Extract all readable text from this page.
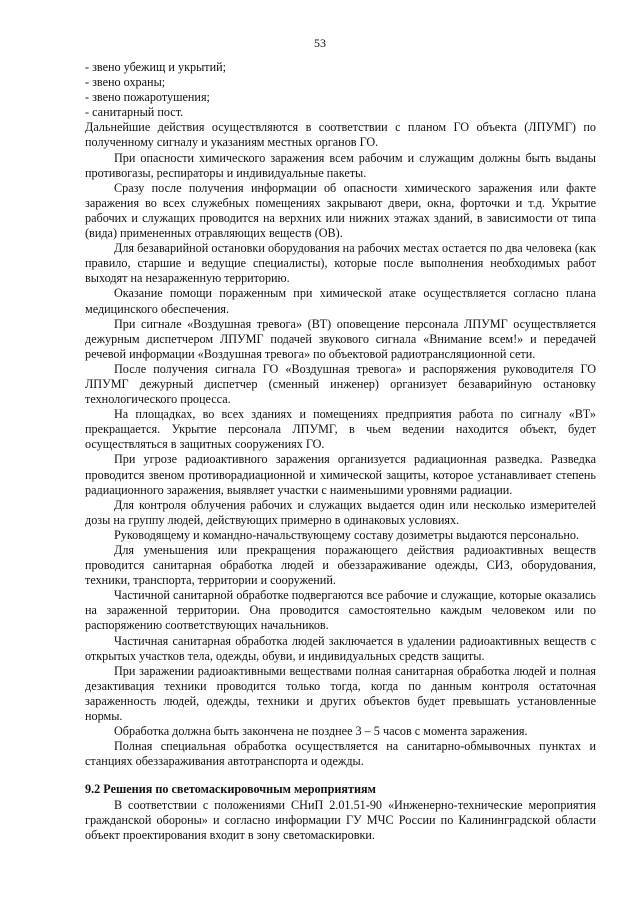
53
- звено убежищ и укрытий;
- звено охраны;
- звено пожаротушения;
- санитарный пост.

Дальнейшие действия осуществляются в соответствии с планом ГО объекта (ЛПУМГ) по полученному сигналу и указаниям местных органов ГО.

При опасности химического заражения всем рабочим и служащим должны быть выданы противогазы, респираторы и индивидуальные пакеты.

Сразу после получения информации об опасности химического заражения или факте заражения во всех служебных помещениях закрывают двери, окна, форточки и т.д. Укрытие рабочих и служащих проводится на верхних или нижних этажах зданий, в зависимости от типа (вида) примененных отравляющих веществ (ОВ).

Для безаварийной остановки оборудования на рабочих местах остается по два человека (как правило, старшие и ведущие специалисты), которые после выполнения необходимых работ выходят на незараженную территорию.

Оказание помощи пораженным при химической атаке осуществляется согласно плана медицинского обеспечения.

При сигнале «Воздушная тревога» (ВТ) оповещение персонала ЛПУМГ осуществляется дежурным диспетчером ЛПУМГ подачей звукового сигнала «Внимание всем!» и передачей речевой информации «Воздушная тревога» по объектовой радиотрансляционной сети.

После получения сигнала ГО «Воздушная тревога» и распоряжения руководителя ГО ЛПУМГ дежурный диспетчер (сменный инженер) организует безаварийную остановку технологического процесса.

На площадках, во всех зданиях и помещениях предприятия работа по сигналу «ВТ» прекращается. Укрытие персонала ЛПУМГ, в чьем ведении находится объект, будет осуществляться в защитных сооружениях ГО.

При угрозе радиоактивного заражения организуется радиационная разведка. Разведка проводится звеном противорадиационной и химической защиты, которое устанавливает степень радиационного заражения, выявляет участки с наименьшими уровнями радиации.

Для контроля облучения рабочих и служащих выдается один или несколько измерителей дозы на группу людей, действующих примерно в одинаковых условиях.

Руководящему и командно-начальствующему составу дозиметры выдаются персонально.

Для уменьшения или прекращения поражающего действия радиоактивных веществ проводится санитарная обработка людей и обеззараживание одежды, СИЗ, оборудования, техники, транспорта, территории и сооружений.

Частичной санитарной обработке подвергаются все рабочие и служащие, которые оказались на зараженной территории. Она проводится самостоятельно каждым человеком или по распоряжению соответствующих начальников.

Частичная санитарная обработка людей заключается в удалении радиоактивных веществ с открытых участков тела, одежды, обуви, и индивидуальных средств защиты.

При заражении радиоактивными веществами полная санитарная обработка людей и полная дезактивация техники проводится только тогда, когда по данным контроля остаточная зараженность людей, одежды, техники и других объектов будет превышать установленные нормы.

Обработка должна быть закончена не позднее 3 – 5 часов с момента заражения.

Полная специальная обработка осуществляется на санитарно-обмывочных пунктах и станциях обеззараживания автотранспорта и одежды.

9.2 Решения по светомаскировочным мероприятиям

В соответствии с положениями СНиП 2.01.51-90 «Инженерно-технические мероприятия гражданской обороны» и согласно информации ГУ МЧС России по Калининградской области объект проектирования входит в зону светомаскировки.
